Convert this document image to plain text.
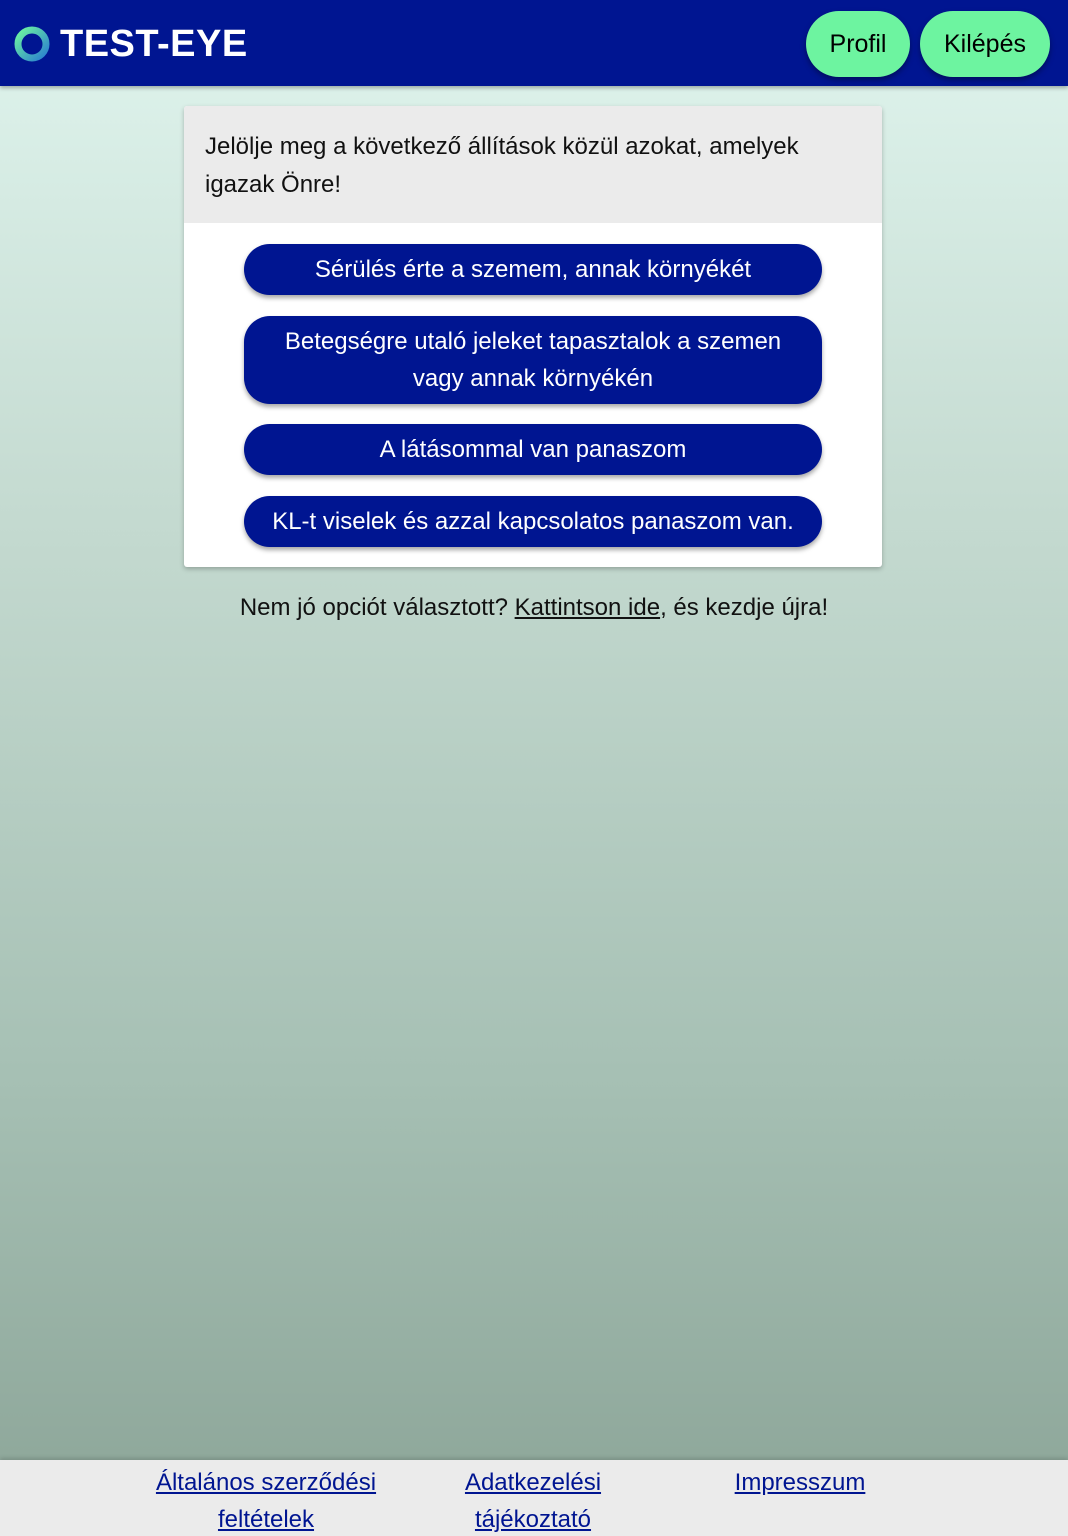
TEST-EYE	Profil	Kilépés
Jelölje meg a következő állítások közül azokat, amelyek igazak Önre!
Sérülés érte a szemem, annak környékét
Betegségre utaló jeleket tapasztalok a szemen vagy annak környékén
A látásommal van panaszom
KL-t viselek és azzal kapcsolatos panaszom van.
Nem jó opciót választott? Kattintson ide, és kezdje újra!
Általános szerződési feltételek
Adatkezelési tájékoztató
Impresszum
